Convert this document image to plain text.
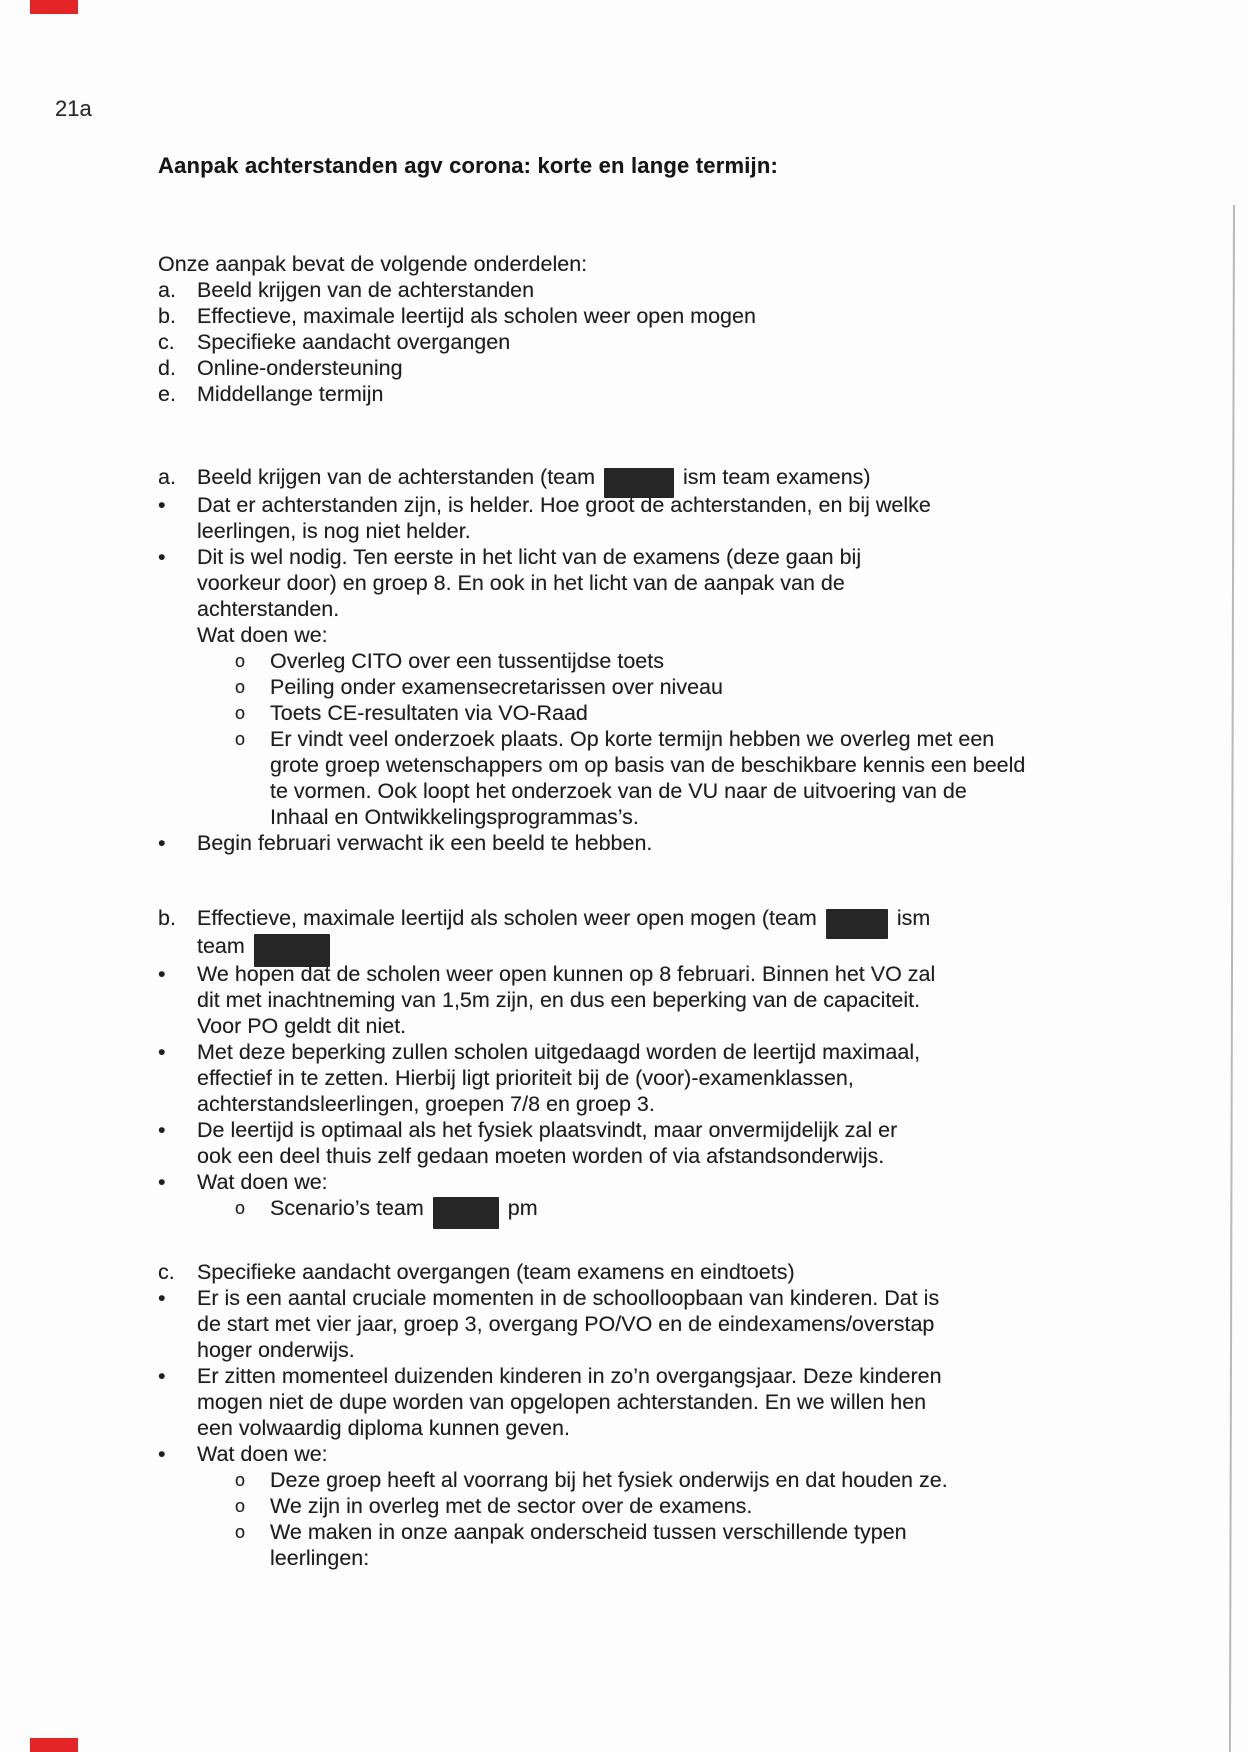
21a
Aanpak achterstanden agv corona: korte en lange termijn:
Onze aanpak bevat de volgende onderdelen:
a. Beeld krijgen van de achterstanden
b. Effectieve, maximale leertijd als scholen weer open mogen
c.	Specifieke aandacht overgangen
d. Online-ondersteuning
e. Middellange termijn
a. Beeld krijgen van de achterstanden (team	ism team examens)
•	Dat er achterstanden zijn, is helder. Hoe groot de achterstanden, en bij welke
leerlingen, is nog niet helder.
•	Dit is wel nodig. Ten eerste in het licht van de examens (deze gaan bij
voorkeur door) en groep 8. En ook in het licht van de aanpak van de
achterstanden.
Wat doen we:
o	Overleg CITO over een tussentijdse toets
o	Peiling onder examensecretarissen over niveau
o	Toets CE-resultaten via VO-Raad
o	Er vindt veel onderzoek plaats. Op korte termijn hebben we overleg met een
grote groep wetenschappers om op basis van de beschikbare kennis een beeld
te vormen. Ook loopt het onderzoek van de VU naar de uitvoering van de
Inhaal en Ontwikkelingsprogrammas’s.
•	Begin februari verwacht ik een beeld te hebben.
b. Effectieve, maximale leertijd als scholen weer open mogen (team	ism
team
•	We hopen dat de scholen weer open kunnen op 8 februari. Binnen het VO zal
dit met inachtneming van 1,5m zijn, en dus een beperking van de capaciteit.
Voor PO geldt dit niet.
•	Met deze beperking zullen scholen uitgedaagd worden de leertijd maximaal,
effectief in te zetten. Hierbij ligt prioriteit bij de (voor)-examenklassen,
achterstandsleerlingen, groepen 7/8 en groep 3.
•	De leertijd is optimaal als het fysiek plaatsvindt, maar onvermijdelijk zal er
ook een deel thuis zelf gedaan moeten worden of via afstandsonderwijs.
•	Wat doen we:
o	Scenario’s team	pm
c.	Specifieke aandacht overgangen (team examens en eindtoets)
•	Er is een aantal cruciale momenten in de schoolloopbaan van kinderen. Dat is
de start met vier jaar, groep 3, overgang PO/VO en de eindexamens/overstap
hoger onderwijs.
•	Er zitten momenteel duizenden kinderen in zo’n overgangsjaar. Deze kinderen
mogen niet de dupe worden van opgelopen achterstanden. En we willen hen
een volwaardig diploma kunnen geven.
•	Wat doen we:
o	Deze groep heeft al voorrang bij het fysiek onderwijs en dat houden ze.
o	We zijn in overleg met de sector over de examens.
o	We maken in onze aanpak onderscheid tussen verschillende typen
leerlingen:
